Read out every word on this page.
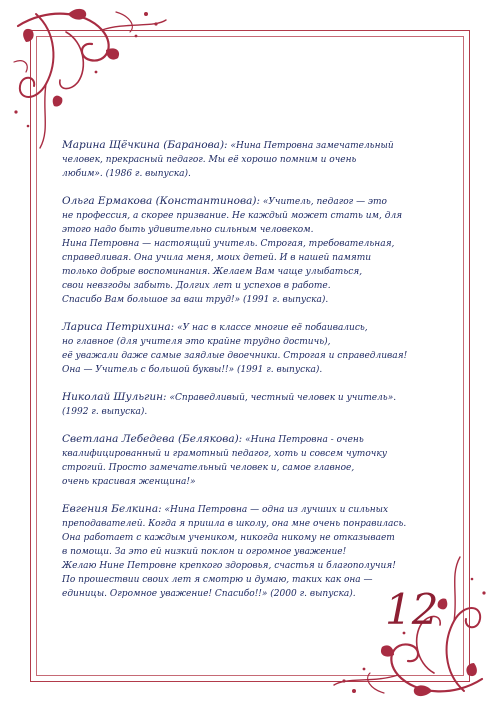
Марина Щёчкина (Баранова): «Нина Петровна замечательный
человек, прекрасный педагог. Мы её хорошо помним и очень
любим». (1986 г. выпуска).
Ольга Ермакова (Константинова): «Учитель, педагог — это
не профессия, а скорее призвание. Не каждый может стать им, для
этого надо быть удивительно сильным человеком.
Нина Петровна — настоящий учитель. Строгая, требовательная,
справедливая. Она учила меня, моих детей. И в нашей памяти
только добрые воспоминания. Желаем Вам чаще улыбаться,
свои невзгоды забыть. Долгих лет и успехов в работе.
Спасибо Вам большое за ваш труд!» (1991 г. выпуска).
Лариса Петрихина: «У нас в классе многие её побаивались,
но главное (для учителя это крайне трудно достичь),
её уважали даже самые заядлые двоечники. Строгая и справедливая!
Она — Учитель с большой буквы!!» (1991 г. выпуска).
Николай Шульгин: «Справедливый, честный человек и учитель».
(1992 г. выпуска).
Светлана Лебедева (Белякова): «Нина Петровна - очень
квалифицированный и грамотный педагог, хоть и совсем чуточку
строгий. Просто замечательный человек и, самое главное,
очень красивая женщина!»
Евгения Белкина: «Нина Петровна — одна из лучших и сильных
преподавателей. Когда я пришла в школу, она мне очень понравилась.
Она работает с каждым учеником, никогда никому не отказывает
в помощи. За это ей низкий поклон и огромное уважение!
Желаю Нине Петровне крепкого здоровья, счастья и благополучия!
По прошествии своих лет я смотрю и думаю, таких как она —
единицы. Огромное уважение! Спасибо!!» (2000 г. выпуска). 12
